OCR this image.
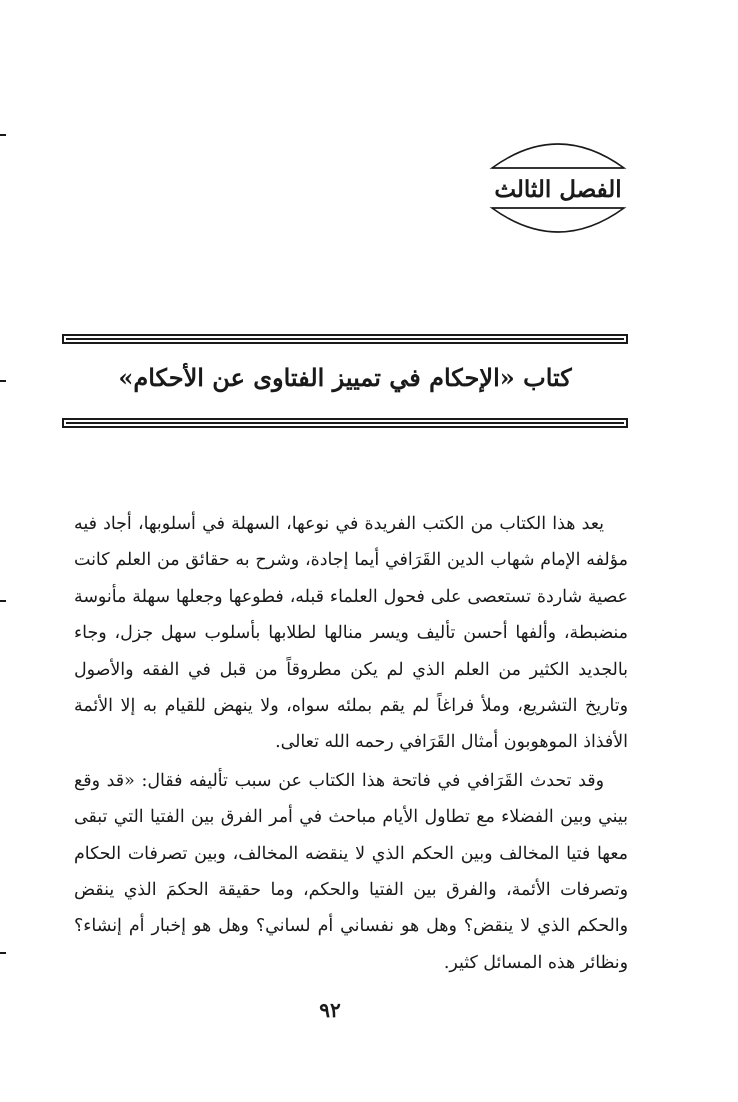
الفصل الثالث
كتاب «الإحكام في تمييز الفتاوى عن الأحكام»

يعد هذا الكتاب من الكتب الفريدة في نوعها، السهلة في أسلوبها، أجاد فيه مؤلفه الإمام شهاب الدين القَرَافي أيما إجادة، وشرح به حقائق من العلم كانت عصية شاردة تستعصى على فحول العلماء قبله، فطوعها وجعلها سهلة مأنوسة منضبطة، وألفها أحسن تأليف ويسر منالها لطلابها بأسلوب سهل جزل، وجاء بالجديد الكثير من العلم الذي لم يكن مطروقاً من قبل في الفقه والأصول وتاريخ التشريع، وملأ فراغاً لم يقم بملئه سواه، ولا ينهض للقيام به إلا الأئمة الأفذاذ الموهوبون أمثال القَرَافي رحمه الله تعالى.

وقد تحدث القَرَافي في فاتحة هذا الكتاب عن سبب تأليفه فقال: «قد وقع بيني وبين الفضلاء مع تطاول الأيام مباحث في أمر الفرق بين الفتيا التي تبقى معها فتيا المخالف وبين الحكم الذي لا ينقضه المخالف، وبين تصرفات الحكام وتصرفات الأئمة، والفرق بين الفتيا والحكم، وما حقيقة الحكمَ الذي ينقض والحكم الذي لا ينقض؟ وهل هو نفساني أم لساني؟ وهل هو إخبار أم إنشاء؟ ونظائر هذه المسائل كثير.

٩٢
